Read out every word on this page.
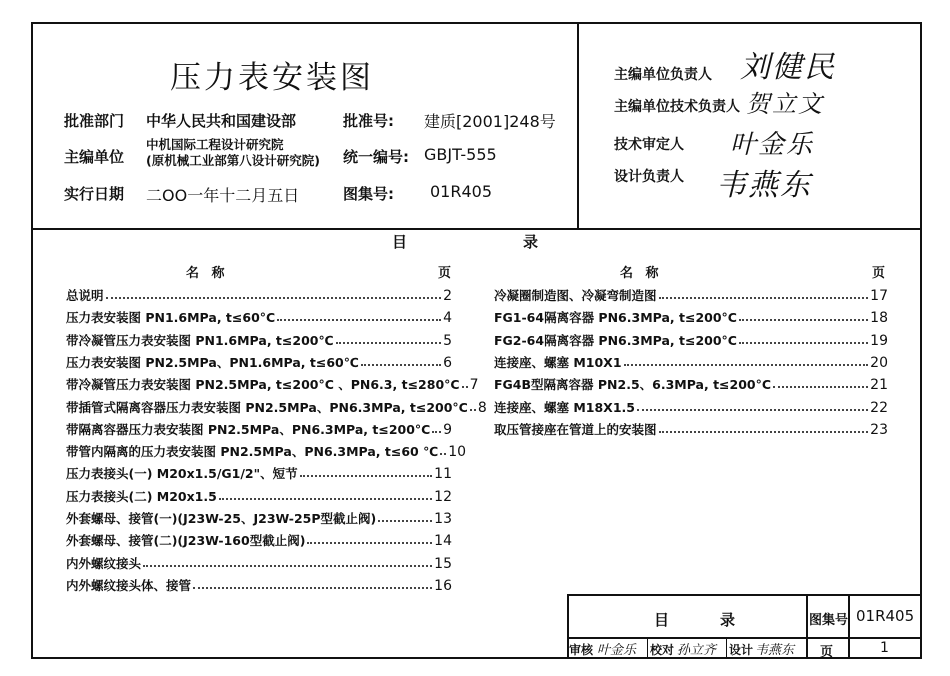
压力表安装图
批准部门 中华人民共和国建设部
主编单位
中机国际工程设计研究院
(原机械工业部第八设计研究院)
实行日期 二OO一年十二月五日
批准号: 建质[2001]248号
统一编号: GBJT-555
图集号: 01R405
主编单位负责人 刘健民
主编单位技术负责人 贺立文
技术审定人 叶金乐
设计负责人 韦燕东
目	录
名 称	页	名 称	页
总说明	2
压力表安装图 PN1.6MPa, t≤60°C	4
带冷凝管压力表安装图 PN1.6MPa, t≤200℃	5
压力表安装图 PN2.5MPa、PN1.6MPa, t≤60℃	6
带冷凝管压力表安装图 PN2.5MPa, t≤200°C 、PN6.3, t≤280°C 7
带插管式隔离容器压力表安装图 PN2.5MPa、PN6.3MPa, t≤200°C 8
带隔离容器压力表安装图 PN2.5MPa、PN6.3MPa, t≤200°C 9
带管内隔离的压力表安装图 PN2.5MPa、PN6.3MPa, t≤60 ℃ 10
压力表接头(一) M20x1.5/G1/2"、短节	11
压力表接头(二) M20x1.5	12
外套螺母、接管(一)(J23W-25、J23W-25P型截止阀)	13
外套螺母、接管(二)(J23W-160型截止阀)	14
内外螺纹接头	15
内外螺纹接头体、接管	16
冷凝圈制造图、冷凝弯制造图	17
FG1-64隔离容器 PN6.3MPa, t≤200°C	18
FG2-64隔离容器 PN6.3MPa, t≤200°C	19
连接座、螺塞 M10X1	20
FG4B型隔离容器 PN2.5、6.3MPa, t≤200°C	21
连接座、螺塞 M18X1.5	22
取压管接座在管道上的安装图	23
目	录	图集号 01R405
审核 叶金乐 校对 孙立齐 设计 韦燕东 页	1
